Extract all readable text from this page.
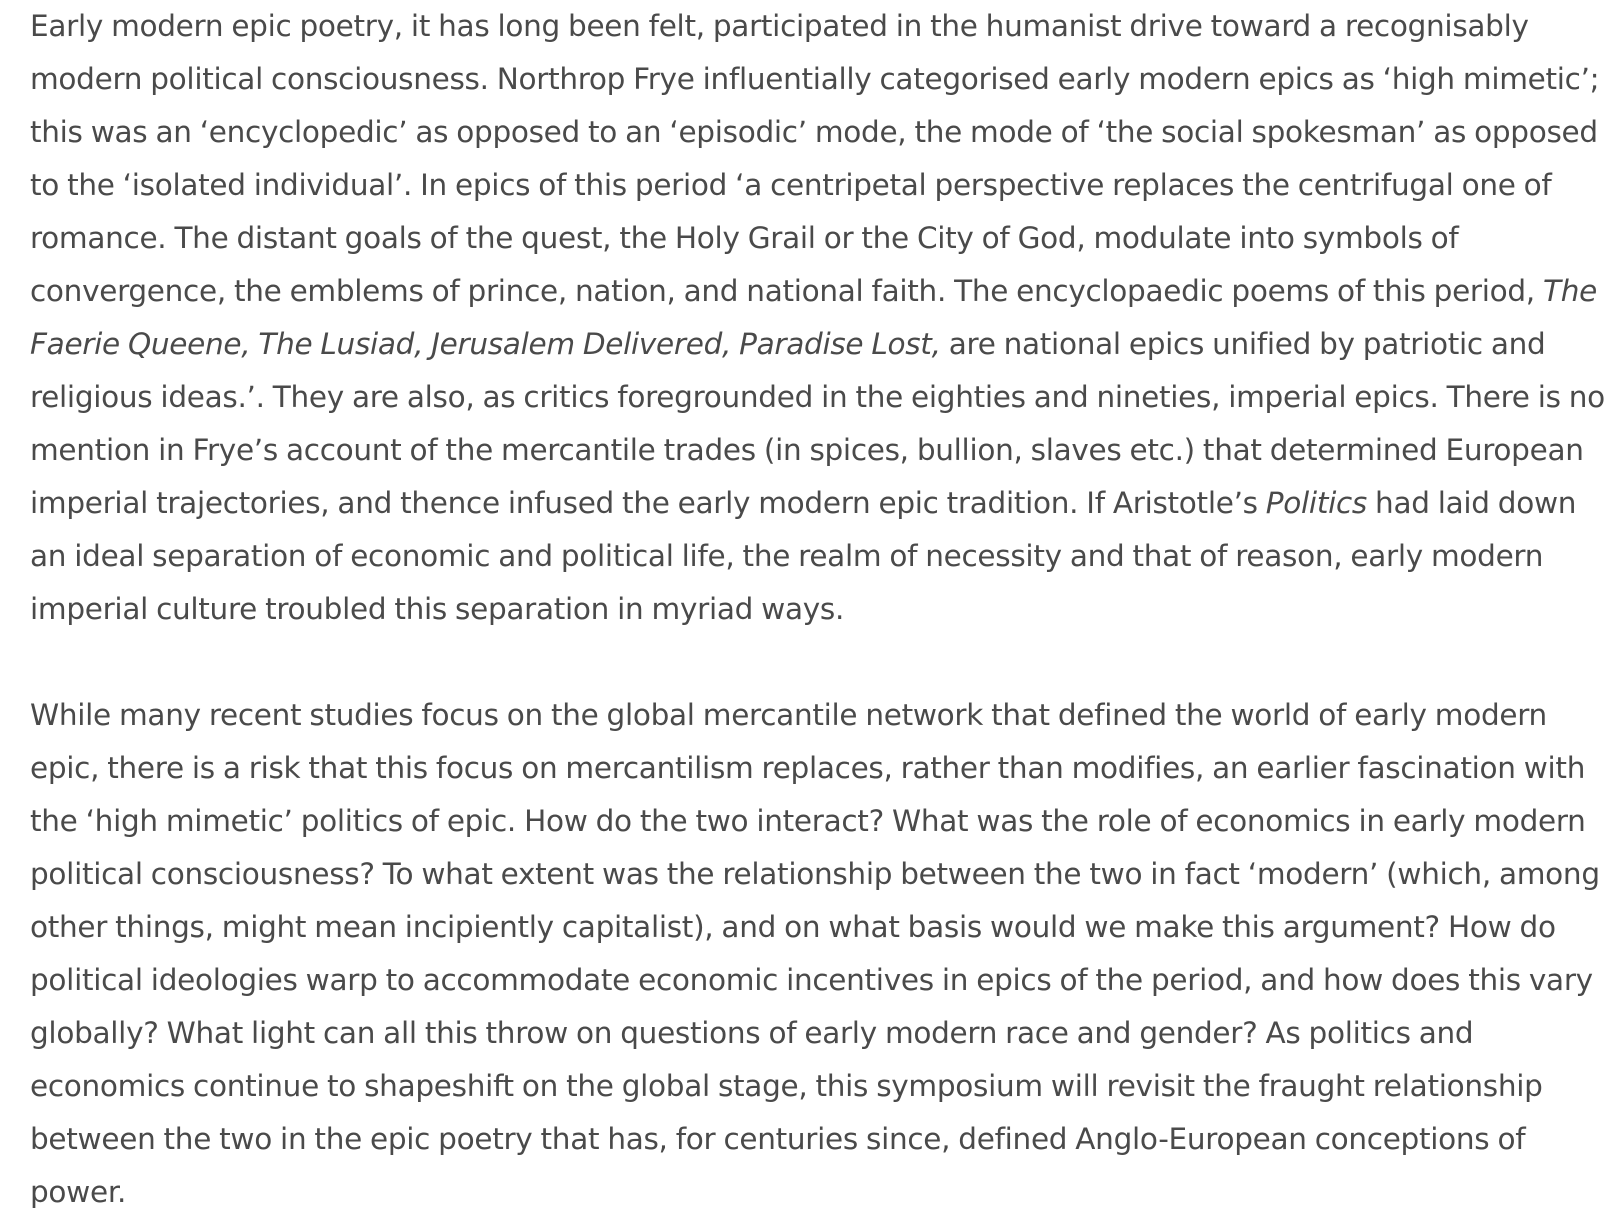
Early modern epic poetry, it has long been felt, participated in the humanist drive toward a recognisably modern political consciousness. Northrop Frye influentially categorised early modern epics as ‘high mimetic’; this was an ‘encyclopedic’ as opposed to an ‘episodic’ mode, the mode of ‘the social spokesman’ as opposed to the ‘isolated individual’. In epics of this period ‘a centripetal perspective replaces the centrifugal one of romance. The distant goals of the quest, the Holy Grail or the City of God, modulate into symbols of convergence, the emblems of prince, nation, and national faith. The encyclopaedic poems of this period, The Faerie Queene, The Lusiad, Jerusalem Delivered, Paradise Lost, are national epics unified by patriotic and religious ideas.’. They are also, as critics foregrounded in the eighties and nineties, imperial epics. There is no mention in Frye’s account of the mercantile trades (in spices, bullion, slaves etc.) that determined European imperial trajectories, and thence infused the early modern epic tradition. If Aristotle’s Politics had laid down an ideal separation of economic and political life, the realm of necessity and that of reason, early modern imperial culture troubled this separation in myriad ways.

While many recent studies focus on the global mercantile network that defined the world of early modern epic, there is a risk that this focus on mercantilism replaces, rather than modifies, an earlier fascination with the ‘high mimetic’ politics of epic. How do the two interact? What was the role of economics in early modern political consciousness? To what extent was the relationship between the two in fact ‘modern’ (which, among other things, might mean incipiently capitalist), and on what basis would we make this argument? How do political ideologies warp to accommodate economic incentives in epics of the period, and how does this vary globally? What light can all this throw on questions of early modern race and gender? As politics and economics continue to shapeshift on the global stage, this symposium will revisit the fraught relationship between the two in the epic poetry that has, for centuries since, defined Anglo-European conceptions of power.
